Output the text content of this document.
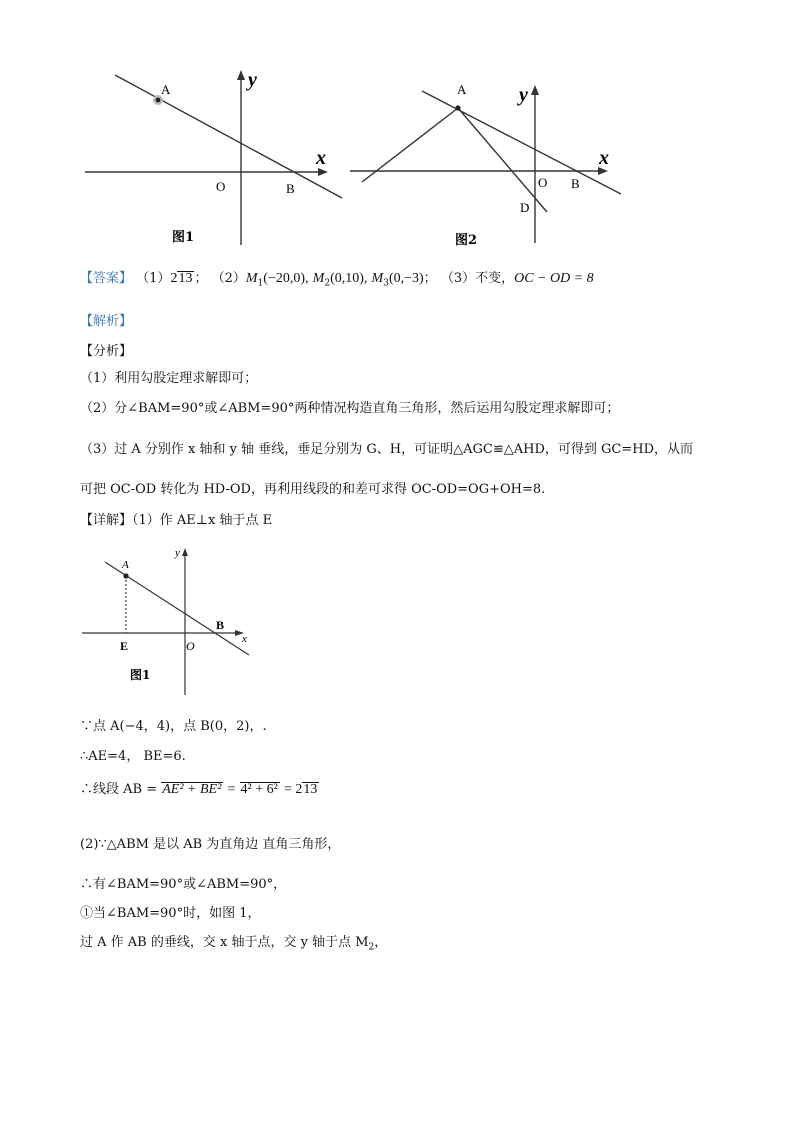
A	y
x
O	B
图1
A	y
x
O B
D
图2
【答案】 （1）213 ； $(2)M_1(-20,0)$, $M_2(0,10)$, $M_3(0,-3)$； （3）不变，OC − OD = 8
【解析】
【分析】
（1）利用勾股定理求解即可；
（2）分∠BAM=90°或∠ABM=90°两种情况构造直角三角形，然后运用勾股定理求解即可；
（3）过 A 分别作 x 轴和 y 轴 垂线，垂足分别为 G、H，可证明△AGC≌△AHD，可得到 GC=HD，从而
可把 OC-OD 转化为 HD-OD，再利用线段的和差可求得 OC-OD=OG+OH=8.
【详解】（1）作 AE⊥x 轴于点 E
A
y
x
B
E	O
图1
∵点 A(−4，4)，点 B(0，2)，.
∴AE=4， BE=6.
∴线段 AB = AE² + BE² = 4² + 6² = 213
(2)∵△ABM 是以 AB 为直角边 直角三角形，
∴有∠BAM=90°或∠ABM=90°，
①当∠BAM=90°时，如图 1，
过 A 作 AB 的垂线，交 x 轴于点，交 y 轴于点 $M_2$，
